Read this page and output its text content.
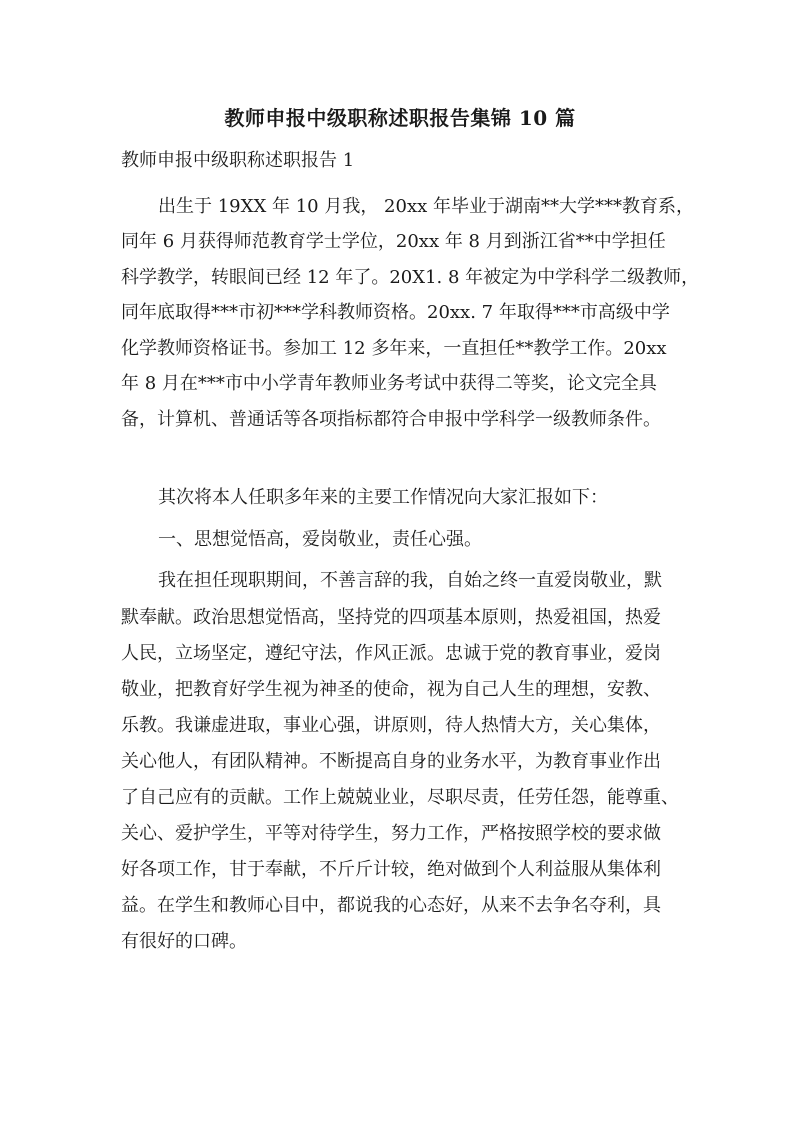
教师申报中级职称述职报告集锦 10 篇
教师申报中级职称述职报告 1
出生于 19XX 年 10 月我， 20xx 年毕业于湖南**大学***教育系，
同年 6 月获得师范教育学士学位，20xx 年 8 月到浙江省**中学担任
科学教学，转眼间已经 12 年了。20X1. 8 年被定为中学科学二级教师，
同年底取得***市初***学科教师资格。20xx. 7 年取得***市高级中学
化学教师资格证书。参加工 12 多年来，一直担任**教学工作。20xx
年 8 月在***市中小学青年教师业务考试中获得二等奖，论文完全具
备，计算机、普通话等各项指标都符合申报中学科学一级教师条件。
其次将本人任职多年来的主要工作情况向大家汇报如下：
一、思想觉悟高，爱岗敬业，责任心强。
我在担任现职期间，不善言辞的我，自始之终一直爱岗敬业，默
默奉献。政治思想觉悟高，坚持党的四项基本原则，热爱祖国，热爱
人民，立场坚定，遵纪守法，作风正派。忠诚于党的教育事业，爱岗
敬业，把教育好学生视为神圣的使命，视为自己人生的理想，安教、
乐教。我谦虚进取，事业心强，讲原则，待人热情大方，关心集体，
关心他人，有团队精神。不断提高自身的业务水平，为教育事业作出
了自己应有的贡献。工作上兢兢业业，尽职尽责，任劳任怨，能尊重、
关心、爱护学生，平等对待学生，努力工作，严格按照学校的要求做
好各项工作，甘于奉献，不斤斤计较，绝对做到个人利益服从集体利
益。在学生和教师心目中，都说我的心态好，从来不去争名夺利，具
有很好的口碑。
